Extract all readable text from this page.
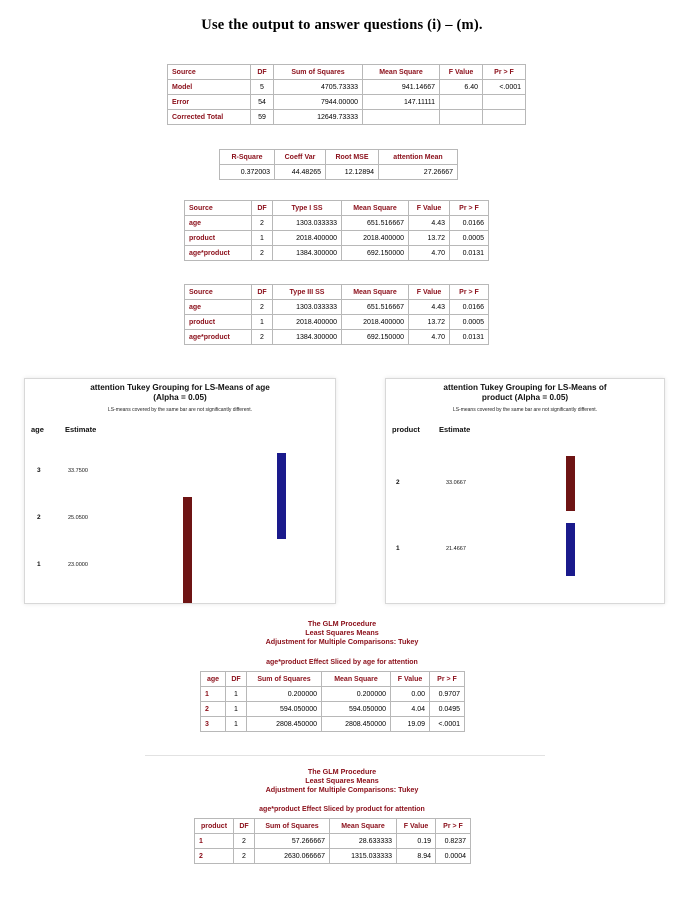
Use the output to answer questions (i) – (m).
Source	DF	Sum of Squares	Mean Square	F Value	Pr > F
Model	5	4705.73333	941.14667	6.40	<.0001
Error	54	7944.00000	147.11111		
Corrected Total	59	12649.73333			
R-Square	Coeff Var	Root MSE	attention Mean
0.372003	44.48265	12.12894	27.26667
Source	DF	Type I SS	Mean Square	F Value	Pr > F
age	2	1303.033333	651.516667	4.43	0.0166
product	1	2018.400000	2018.400000	13.72	0.0005
age*product	2	1384.300000	692.150000	4.70	0.0131
Source	DF	Type III SS	Mean Square	F Value	Pr > F
age	2	1303.033333	651.516667	4.43	0.0166
product	1	2018.400000	2018.400000	13.72	0.0005
age*product	2	1384.300000	692.150000	4.70	0.0131
attention Tukey Grouping for LS-Means of age
(Alpha = 0.05)
LS-means covered by the same bar are not significantly different.
age	Estimate
3	33.7500
2	25.0500
1	23.0000
attention Tukey Grouping for LS-Means of
product (Alpha = 0.05)
LS-means covered by the same bar are not significantly different.
product	Estimate
2	33.0667
1	21.4667
The GLM Procedure
Least Squares Means
Adjustment for Multiple Comparisons: Tukey
age*product Effect Sliced by age for attention
age	DF	Sum of Squares	Mean Square	F Value	Pr > F
1	1	0.200000	0.200000	0.00	0.9707
2	1	594.050000	594.050000	4.04	0.0495
3	1	2808.450000	2808.450000	19.09	<.0001
The GLM Procedure
Least Squares Means
Adjustment for Multiple Comparisons: Tukey
age*product Effect Sliced by product for attention
product	DF	Sum of Squares	Mean Square	F Value	Pr > F
1	2	57.266667	28.633333	0.19	0.8237
2	2	2630.066667	1315.033333	8.94	0.0004
